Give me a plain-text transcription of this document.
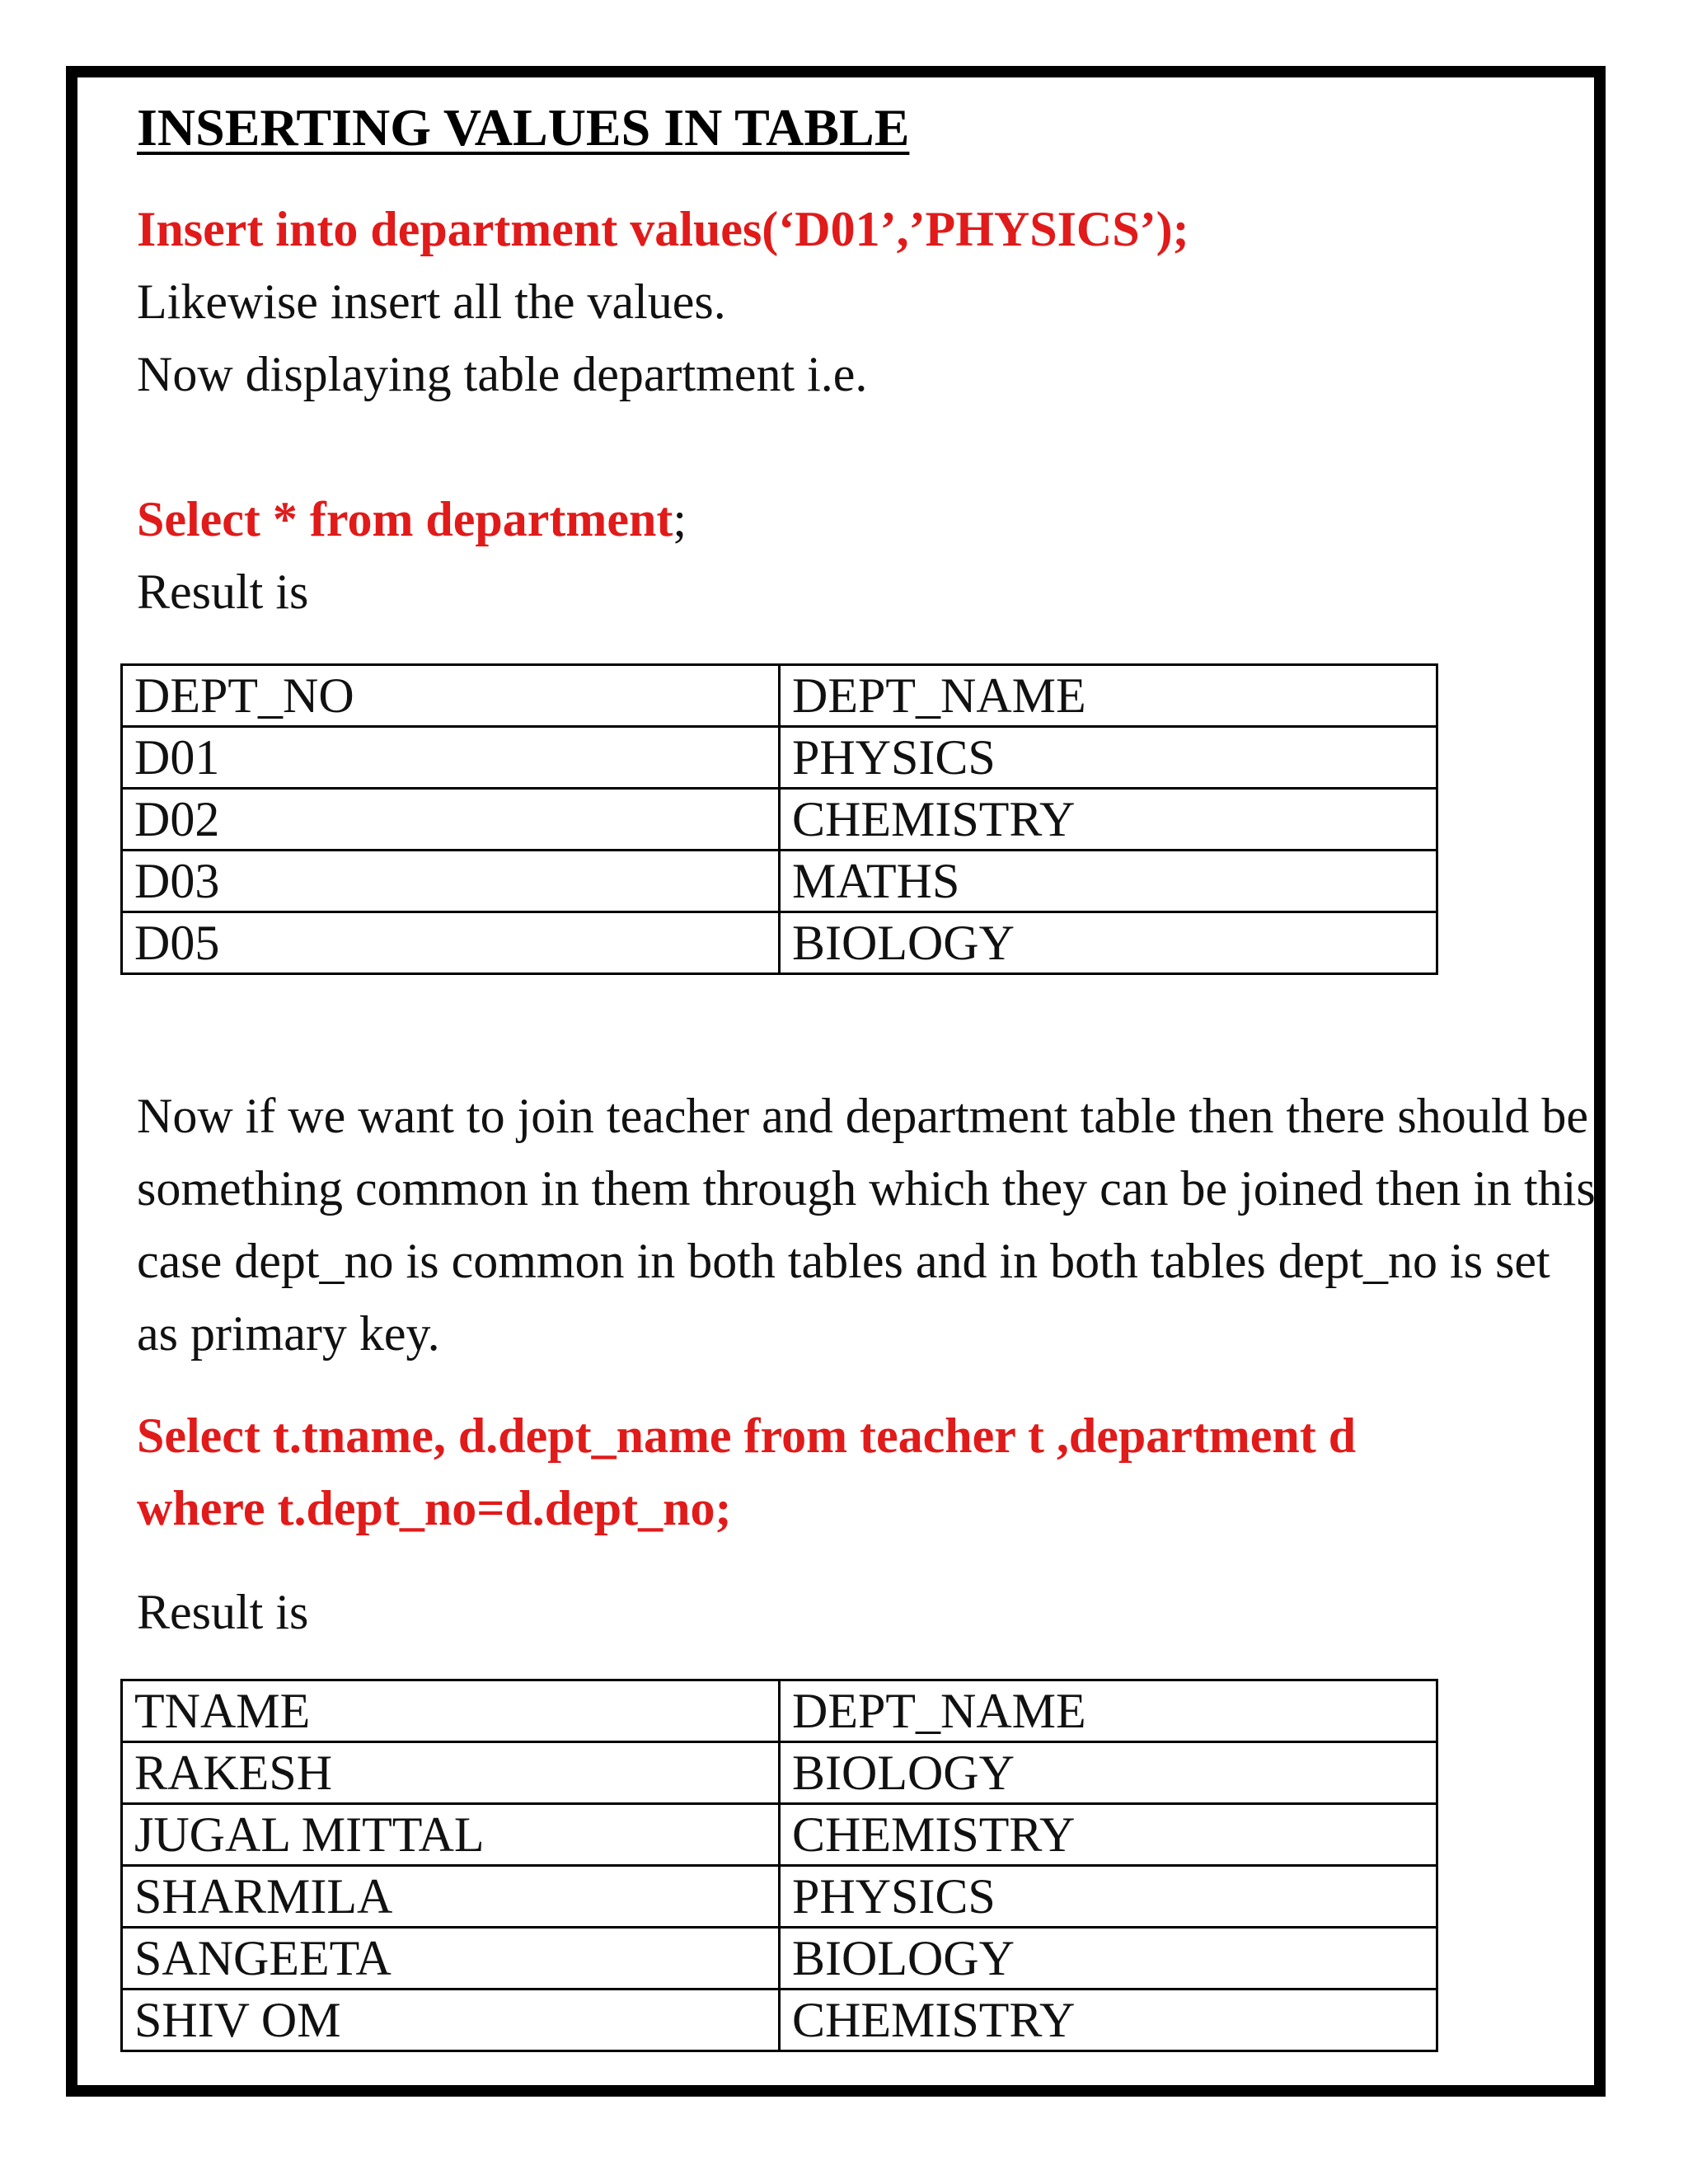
INSERTING VALUES IN TABLE
Insert into department values(‘D01’,’PHYSICS’);
Likewise insert all the values.
Now displaying table department i.e.
Select * from department;
Result is
DEPT_NO	DEPT_NAME
D01	PHYSICS
D02	CHEMISTRY
D03	MATHS
D05	BIOLOGY
Now if we want to join teacher and department table then there should be something common in them through which they can be joined then in this case dept_no is common in both tables and in both tables dept_no is set as primary key.
Select t.tname, d.dept_name from teacher t ,department d
where t.dept_no=d.dept_no;
Result is
TNAME	DEPT_NAME
RAKESH	BIOLOGY
JUGAL MITTAL	CHEMISTRY
SHARMILA	PHYSICS
SANGEETA	BIOLOGY
SHIV OM	CHEMISTRY
